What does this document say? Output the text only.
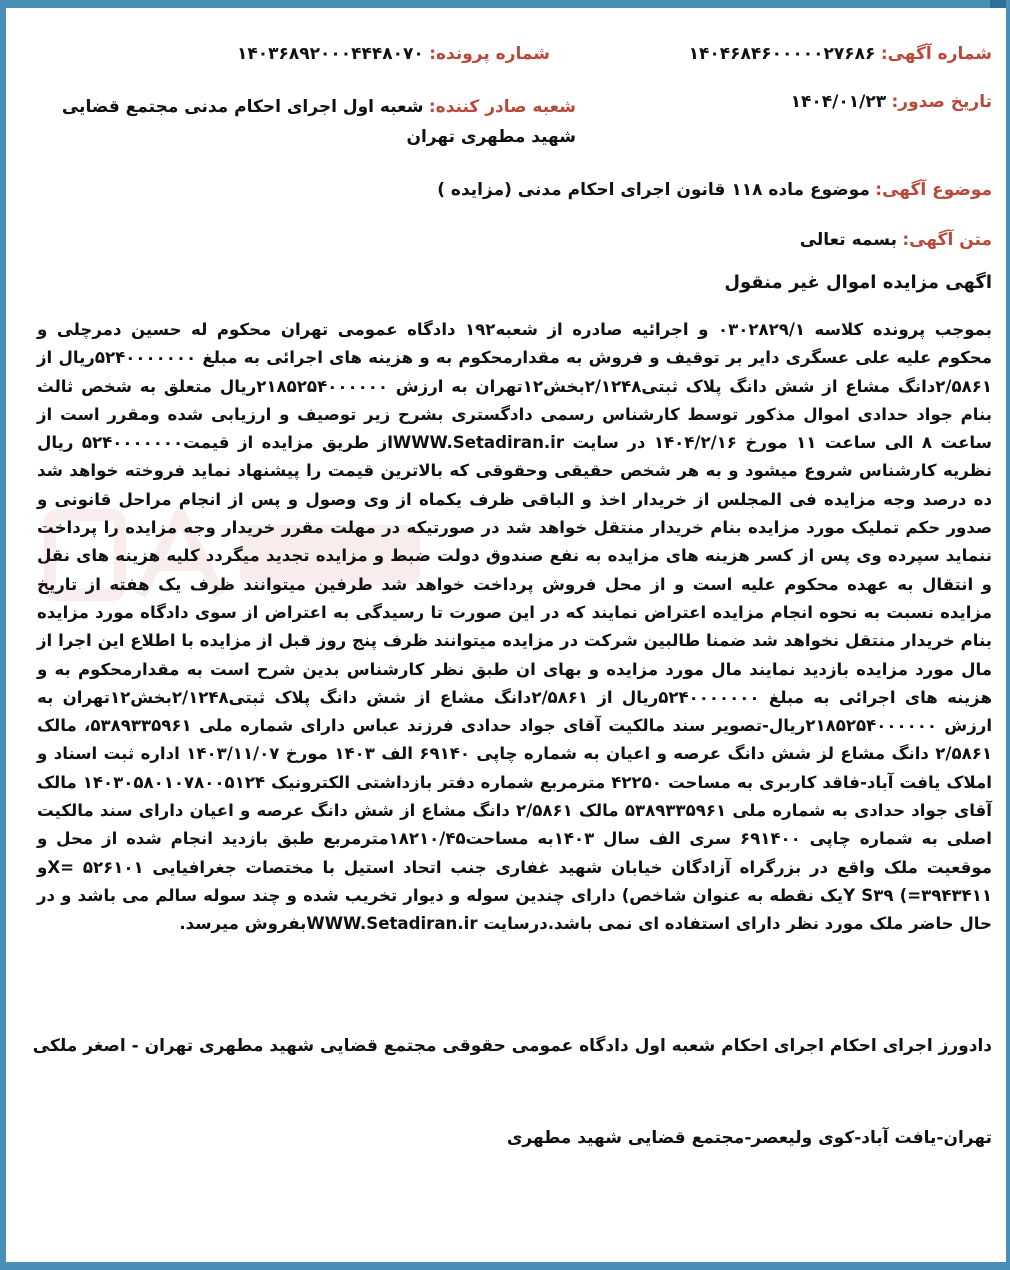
شماره آگهی: ۱۴۰۴۶۸۴۶۰۰۰۰۰۲۷۶۸۶
شماره پرونده: ۱۴۰۳۶۸۹۲۰۰۰۴۴۴۸۰۷۰
تاریخ صدور: ۱۴۰۴/۰۱/۲۳
شعبه صادر کننده: شعبه اول اجرای احکام مدنی مجتمع قضایی شهید مطهری تهران
موضوع آگهی: موضوع ماده ۱۱۸ قانون اجرای احکام مدنی (مزایده )
متن آگهی: بسمه تعالی
اگهی مزایده اموال غیر منقول
بموجب پرونده کلاسه ۰۳۰۲۸۲۹/۱ و اجرائیه صادره از شعبه۱۹۲ دادگاه عمومی تهران محکوم له حسین دمرچلی و محکوم علیه علی عسگری دایر بر توقیف و فروش به مقدارمحکوم به و هزینه های اجرائی به مبلغ ۵۲۴۰۰۰۰۰۰۰ریال از ۲/۵۸۶۱دانگ مشاع از شش دانگ پلاک ثبتی۲/۱۲۴۸بخش۱۲تهران به ارزش ۲۱۸۵۲۵۴۰۰۰۰۰۰ریال متعلق به شخص ثالث بنام جواد حدادی اموال مذکور توسط کارشناس رسمی دادگستری بشرح زیر توصیف و ارزیابی شده ومقرر است از ساعت ۸ الی ساعت ۱۱ مورخ ۱۴۰۴/۲/۱۶ در سایت WWW.Setadiran.irاز طریق مزایده از قیمت۵۲۴۰۰۰۰۰۰۰ ریال نظریه کارشناس شروع میشود و به هر شخص حقیقی وحقوقی که بالاترین قیمت را پیشنهاد نماید فروخته خواهد شد ده درصد وجه مزایده فی المجلس از خریدار اخذ و الباقی ظرف یکماه از وی وصول و پس از انجام مراحل قانونی و صدور حکم تملیک مورد مزایده بنام خریدار منتقل خواهد شد در صورتیکه در مهلت مقرر خریدار وجه مزایده را پرداخت ننماید سپرده وی پس از کسر هزینه های مزایده به نفع صندوق دولت ضبط و مزایده تجدید میگردد کلیه هزینه های نقل و انتقال به عهده محکوم علیه است و از محل فروش پرداخت خواهد شد طرفین میتوانند ظرف یک هفته از تاریخ مزایده نسبت به نحوه انجام مزایده اعتراض نمایند که در این صورت تا رسیدگی به اعتراض از سوی دادگاه مورد مزایده بنام خریدار منتقل نخواهد شد ضمنا طالبین شرکت در مزایده میتوانند ظرف پنج روز قبل از مزایده با اطلاع این اجرا از مال مورد مزایده بازدید نمایند مال مورد مزایده و بهای ان طبق نظر کارشناس بدین شرح است به مقدارمحکوم به و هزینه های اجرائی به مبلغ ۵۲۴۰۰۰۰۰۰۰ریال از ۲/۵۸۶۱دانگ مشاع از شش دانگ پلاک ثبتی۲/۱۲۴۸بخش۱۲تهران به ارزش ۲۱۸۵۲۵۴۰۰۰۰۰۰ریال-تصویر سند مالکیت آقای جواد حدادی فرزند عباس دارای شماره ملی ۵۳۸۹۳۳۵۹۶۱، مالک ۲/۵۸۶۱ دانگ مشاع لز شش دانگ عرصه و اعیان به شماره چاپی ۶۹۱۴۰ الف ۱۴۰۳ مورخ ۱۴۰۳/۱۱/۰۷ اداره ثبت اسناد و املاک یافت آباد-فاقد کاربری به مساحت ۴۲۲۵۰ مترمربع شماره دفتر بازداشتی الکترونیک ۱۴۰۳۰۵۸۰۱۰۷۸۰۰۵۱۲۴ مالک آقای جواد حدادی به شماره ملی ۵۳۸۹۳۳۵۹۶۱ مالک ۲/۵۸۶۱ دانگ مشاع از شش دانگ عرصه و اعیان دارای سند مالکیت اصلی به شماره چاپی ۶۹۱۴۰۰ سری الف سال ۱۴۰۳به مساحت۱۸۲۱۰/۴۵مترمربع طبق بازدید انجام شده از محل و موقعیت ملک واقع در بزرگراه آزادگان خیابان شهید غفاری جنب اتحاد استیل با مختصات جغرافیایی ۵۲۶۱۰۱ =Xو ۳۹۴۳۴۱۱=) Y S۳۹یک نقطه به عنوان شاخص) دارای چندین سوله و دیوار تخریب شده و چند سوله سالم می باشد و در حال حاضر ملک مورد نظر دارای استفاده ای نمی باشد.درسایت WWW.Setadiran.irبفروش میرسد.
دادورز اجرای احکام اجرای احکام شعبه اول دادگاه عمومی حقوقی مجتمع قضایی شهید مطهری تهران - اصغر ملکی
تهران-یافت آباد-کوی ولیعصر-مجتمع قضایی شهید مطهری
